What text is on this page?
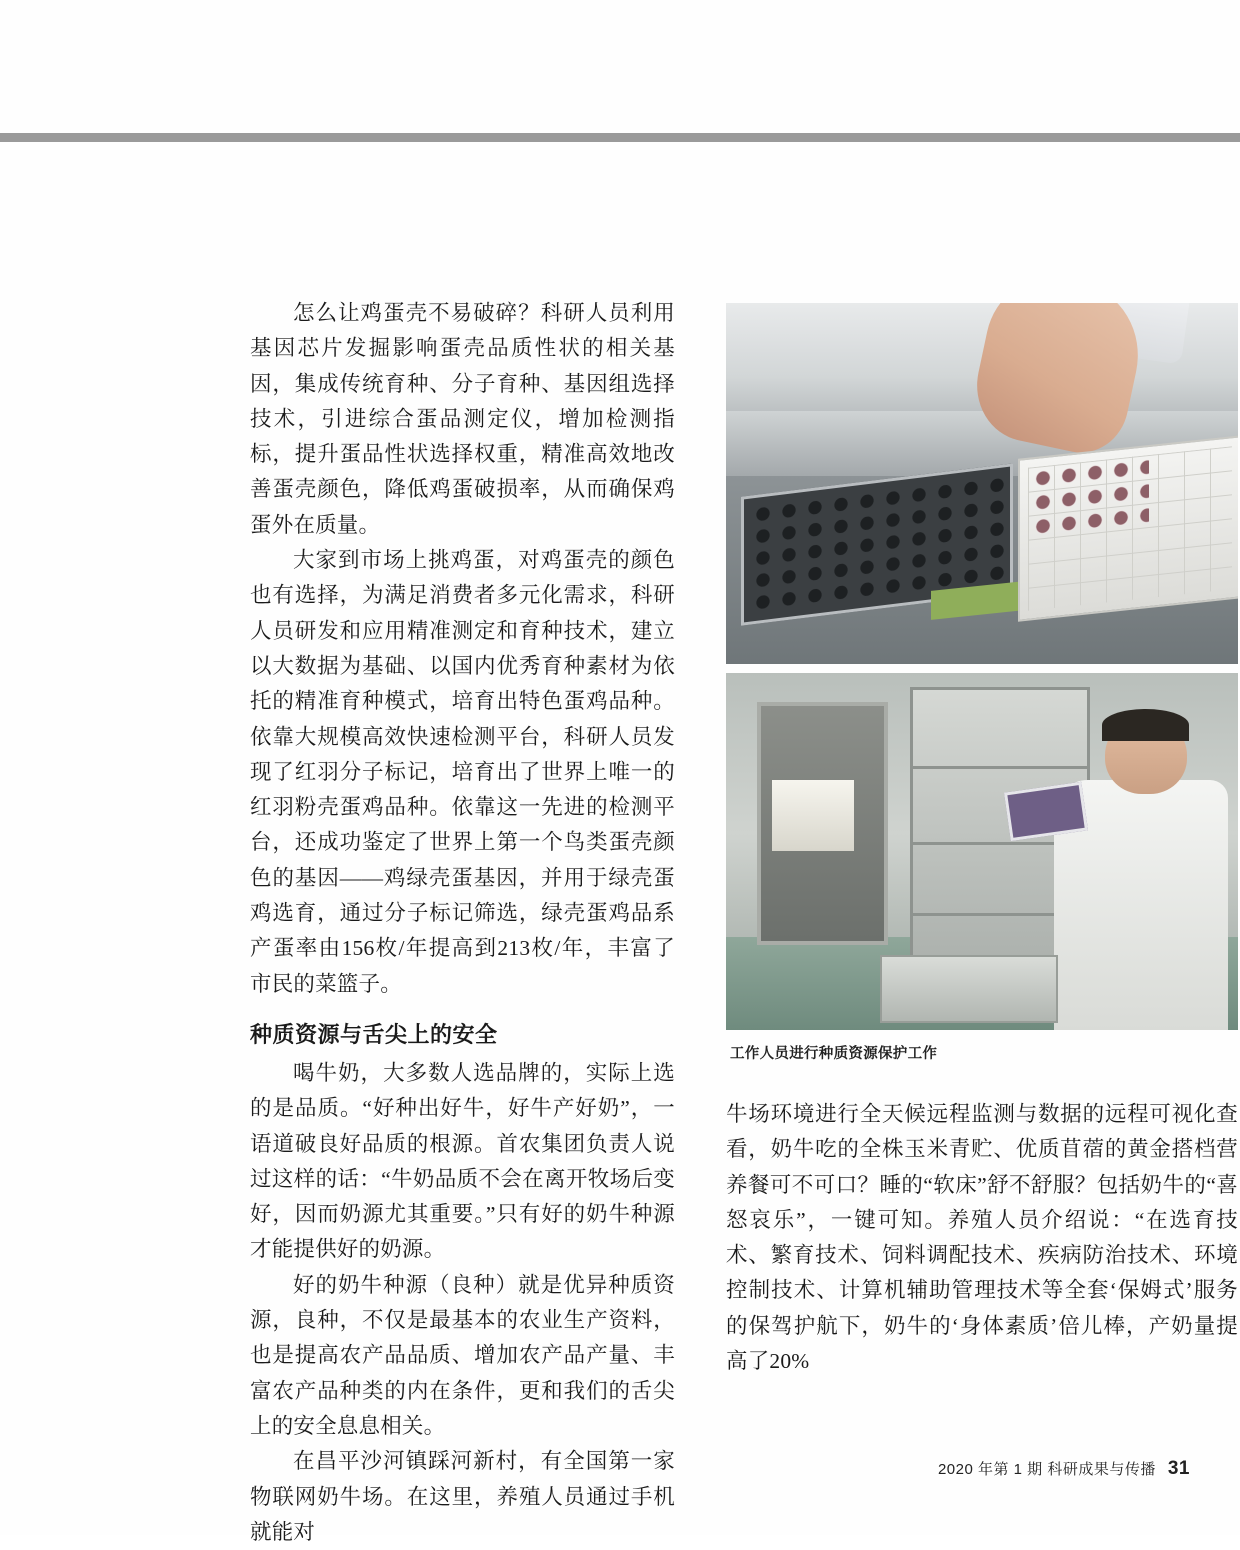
怎么让鸡蛋壳不易破碎？科研人员利用基因芯片发掘影响蛋壳品质性状的相关基因，集成传统育种、分子育种、基因组选择技术，引进综合蛋品测定仪，增加检测指标，提升蛋品性状选择权重，精准高效地改善蛋壳颜色，降低鸡蛋破损率，从而确保鸡蛋外在质量。

大家到市场上挑鸡蛋，对鸡蛋壳的颜色也有选择，为满足消费者多元化需求，科研人员研发和应用精准测定和育种技术，建立以大数据为基础、以国内优秀育种素材为依托的精准育种模式，培育出特色蛋鸡品种。依靠大规模高效快速检测平台，科研人员发现了红羽分子标记，培育出了世界上唯一的红羽粉壳蛋鸡品种。依靠这一先进的检测平台，还成功鉴定了世界上第一个鸟类蛋壳颜色的基因——鸡绿壳蛋基因，并用于绿壳蛋鸡选育，通过分子标记筛选，绿壳蛋鸡品系产蛋率由156枚/年提高到213枚/年，丰富了市民的菜篮子。

种质资源与舌尖上的安全

喝牛奶，大多数人选品牌的，实际上选的是品质。“好种出好牛，好牛产好奶”，一语道破良好品质的根源。首农集团负责人说过这样的话：“牛奶品质不会在离开牧场后变好，因而奶源尤其重要。”只有好的奶牛种源才能提供好的奶源。

好的奶牛种源（良种）就是优异种质资源，良种，不仅是最基本的农业生产资料，也是提高农产品品质、增加农产品产量、丰富农产品种类的内在条件，更和我们的舌尖上的安全息息相关。

在昌平沙河镇踩河新村，有全国第一家物联网奶牛场。在这里，养殖人员通过手机就能对

工作人员进行种质资源保护工作

牛场环境进行全天候远程监测与数据的远程可视化查看，奶牛吃的全株玉米青贮、优质苜蓿的黄金搭档营养餐可不可口？睡的“软床”舒不舒服？包括奶牛的“喜怒哀乐”，一键可知。养殖人员介绍说：“在选育技术、繁育技术、饲料调配技术、疾病防治技术、环境控制技术、计算机辅助管理技术等全套‘保姆式’服务的保驾护航下，奶牛的‘身体素质’倍儿棒，产奶量提高了20%

2020 年第 1 期 科研成果与传播 31
